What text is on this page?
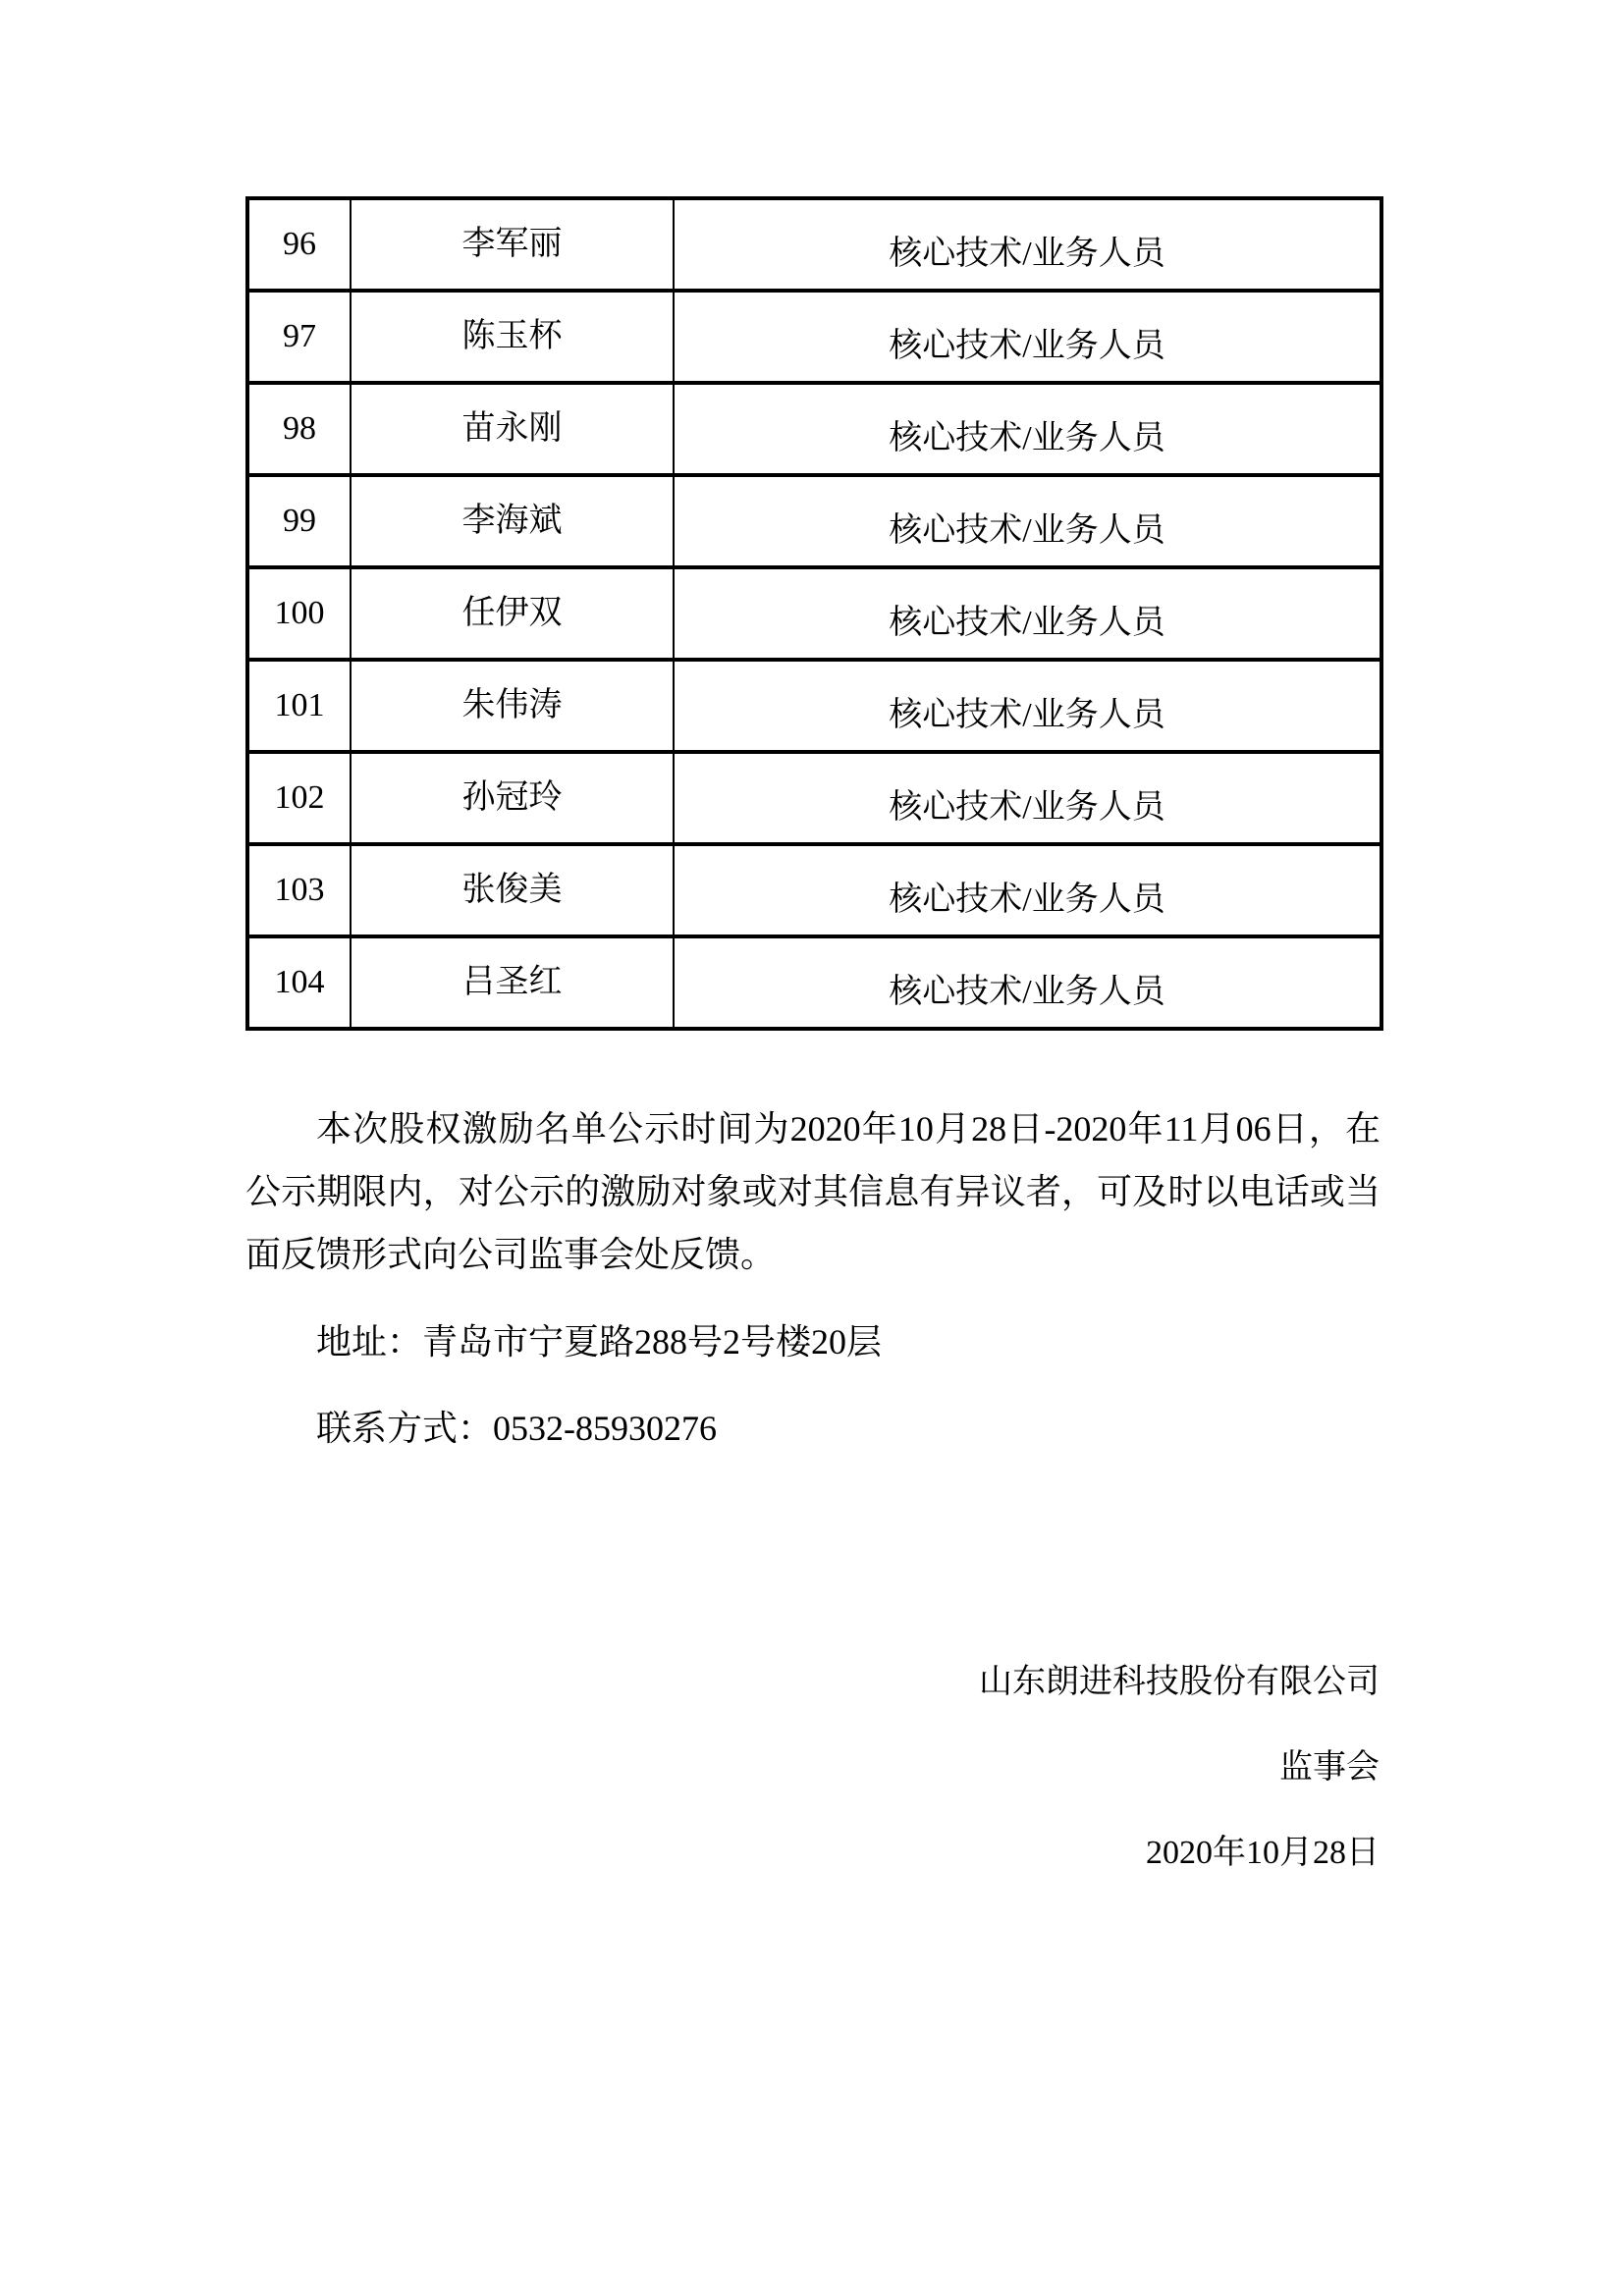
96	李军丽	核心技术/业务人员
97	陈玉杯	核心技术/业务人员
98	苗永刚	核心技术/业务人员
99	李海斌	核心技术/业务人员
100	任伊双	核心技术/业务人员
101	朱伟涛	核心技术/业务人员
102	孙冠玲	核心技术/业务人员
103	张俊美	核心技术/业务人员
104	吕圣红	核心技术/业务人员
本次股权激励名单公示时间为2020年10月28日-2020年11月06日，在公示期限内，对公示的激励对象或对其信息有异议者，可及时以电话或当面反馈形式向公司监事会处反馈。
地址：青岛市宁夏路288号2号楼20层
联系方式：0532-85930276
山东朗进科技股份有限公司
监事会
2020年10月28日
